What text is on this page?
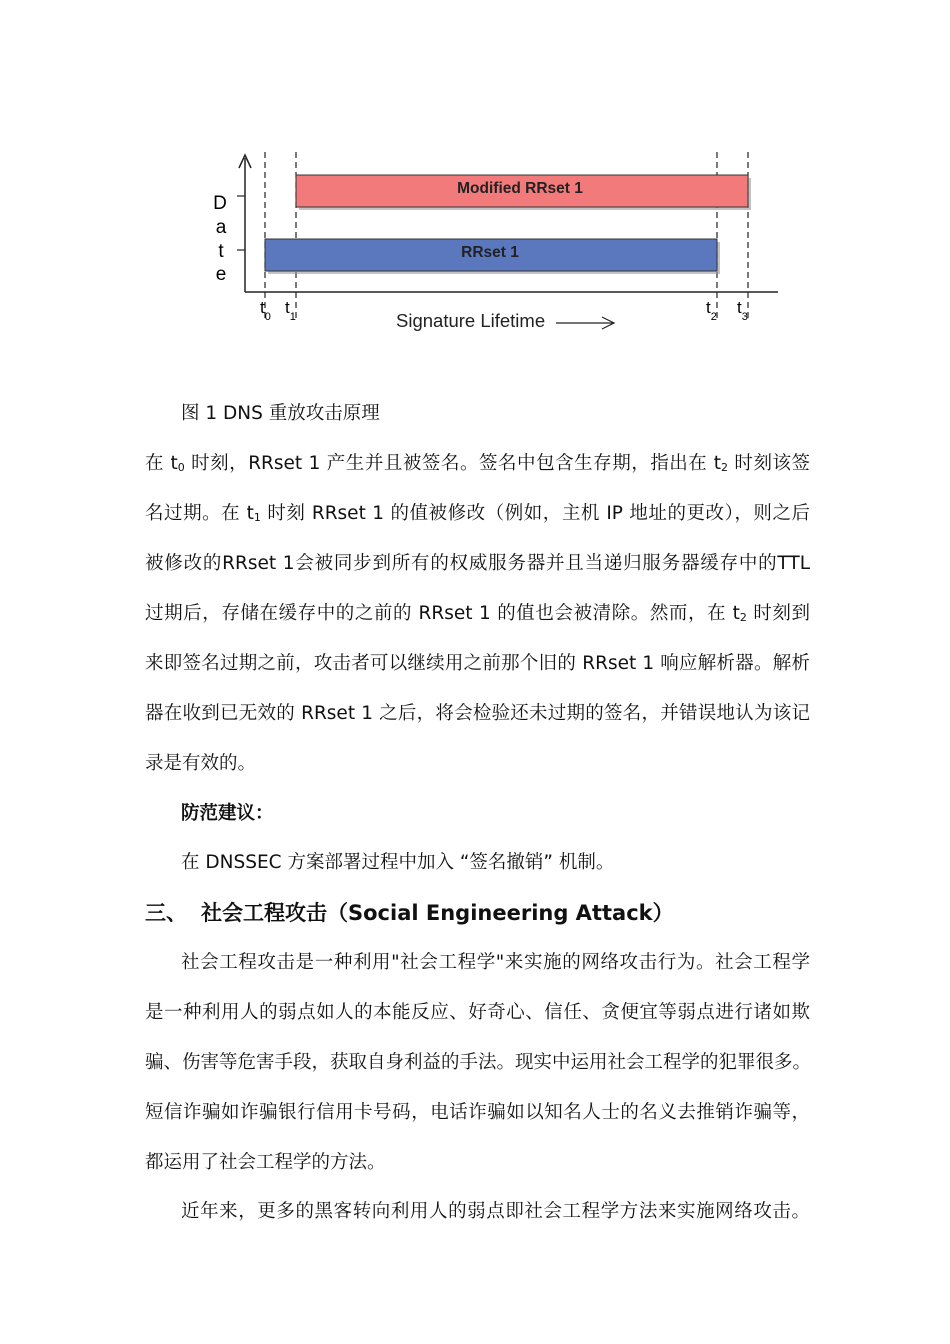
D
a
t
e
Modified RRset 1
RRset 1
$t_0$ $t_1$	$t_2$ $t_3$
Signature Lifetime
图 1 DNS 重放攻击原理
在 $t_0$ 时刻，RRset 1 产生并且被签名。签名中包含生存期，指出在 $t_2$ 时刻该签
名过期。在 $t_1$ 时刻 RRset 1 的值被修改（例如，主机 IP 地址的更改），则之后
被修改的RRset 1会被同步到所有的权威服务器并且当递归服务器缓存中的TTL
过期后，存储在缓存中的之前的 RRset 1 的值也会被清除。然而，在 $t_2$ 时刻到
来即签名过期之前，攻击者可以继续用之前那个旧的 RRset 1 响应解析器。解析
器在收到已无效的 RRset 1 之后，将会检验还未过期的签名，并错误地认为该记
录是有效的。
防范建议：
在 DNSSEC 方案部署过程中加入 “签名撤销” 机制。
三、 社会工程攻击（Social Engineering Attack）
社会工程攻击是一种利用"社会工程学"来实施的网络攻击行为。社会工程学
是一种利用人的弱点如人的本能反应、好奇心、信任、贪便宜等弱点进行诸如欺
骗、伤害等危害手段，获取自身利益的手法。现实中运用社会工程学的犯罪很多。
短信诈骗如诈骗银行信用卡号码，电话诈骗如以知名人士的名义去推销诈骗等，
都运用了社会工程学的方法。
近年来，更多的黑客转向利用人的弱点即社会工程学方法来实施网络攻击。
